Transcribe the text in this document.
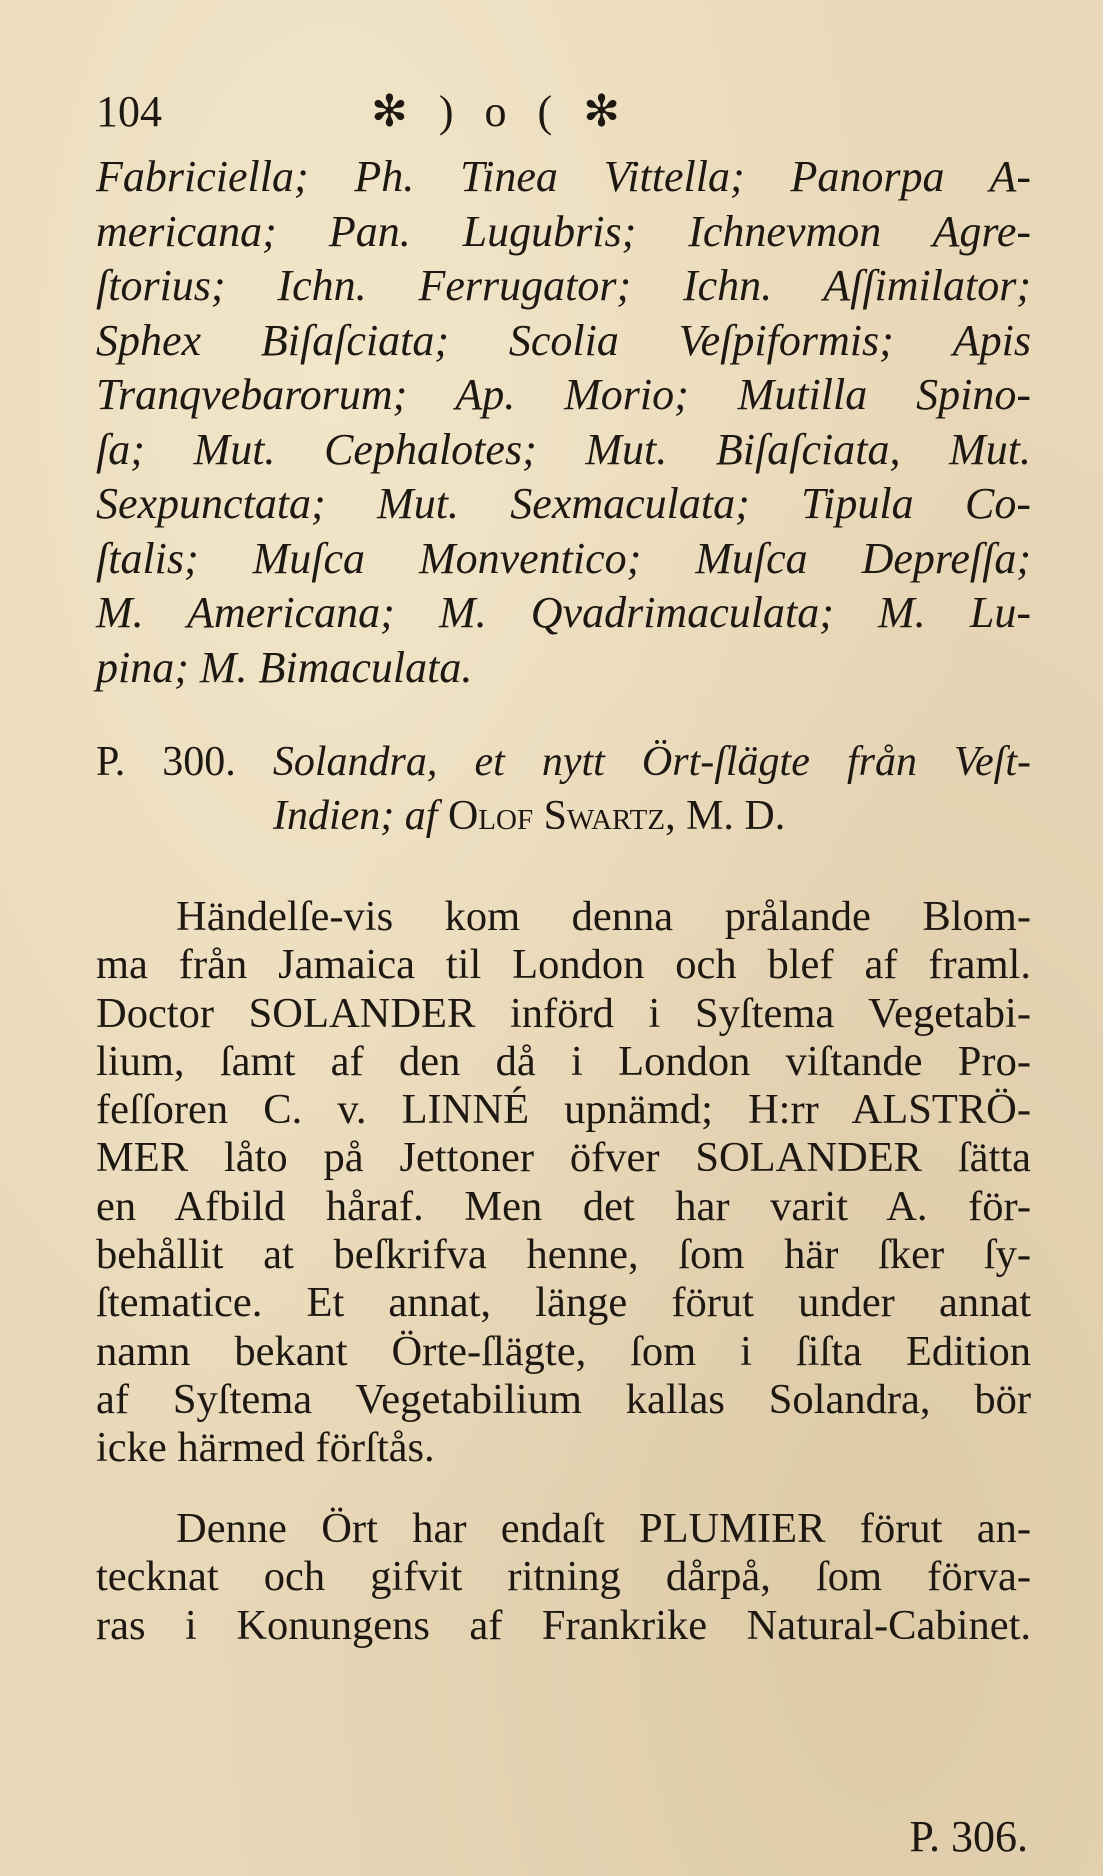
104	✻ ) o ( ✻
Fabriciella; Ph. Tinea Vittella; Panorpa A-
mericana; Pan. Lugubris; Ichnevmon Agre-
ſtorius; Ichn. Ferrugator; Ichn. Aſſimilator;
Sphex Biſaſciata; Scolia Veſpiformis; Apis
Tranqvebarorum; Ap. Morio; Mutilla Spino-
ſa; Mut. Cephalotes; Mut. Biſaſciata, Mut.
Sexpunctata; Mut. Sexmaculata; Tipula Co-
ſtalis; Muſca Monventico; Muſca Depreſſa;
M. Americana; M. Qvadrimaculata; M. Lu-
pina; M. Bimaculata.
P. 300. Solandra, et nytt Ört-ſlägte från Veſt-
Indien; af Olof Swartz, M. D.
Händelſe-vis kom denna prålande Blom-
ma från Jamaica til London och blef af framl.
Doctor SOLANDER införd i Syſtema Vegetabi-
lium, ſamt af den då i London viſtande Pro-
feſſoren C. v. LINNÉ upnämd; H:rr ALSTRÖ-
MER låto på Jettoner öfver SOLANDER ſätta
en Afbild håraf. Men det har varit A. för-
behållit at beſkrifva henne, ſom här ſker ſy-
ſtematice. Et annat, länge förut under annat
namn bekant Örte-ſlägte, ſom i ſiſta Edition
af Syſtema Vegetabilium kallas Solandra, bör
icke härmed förſtås.
Denne Ört har endaſt PLUMIER förut an-
tecknat och gifvit ritning dårpå, ſom förva-
ras i Konungens af Frankrike Natural-Cabinet.
P. 306.
